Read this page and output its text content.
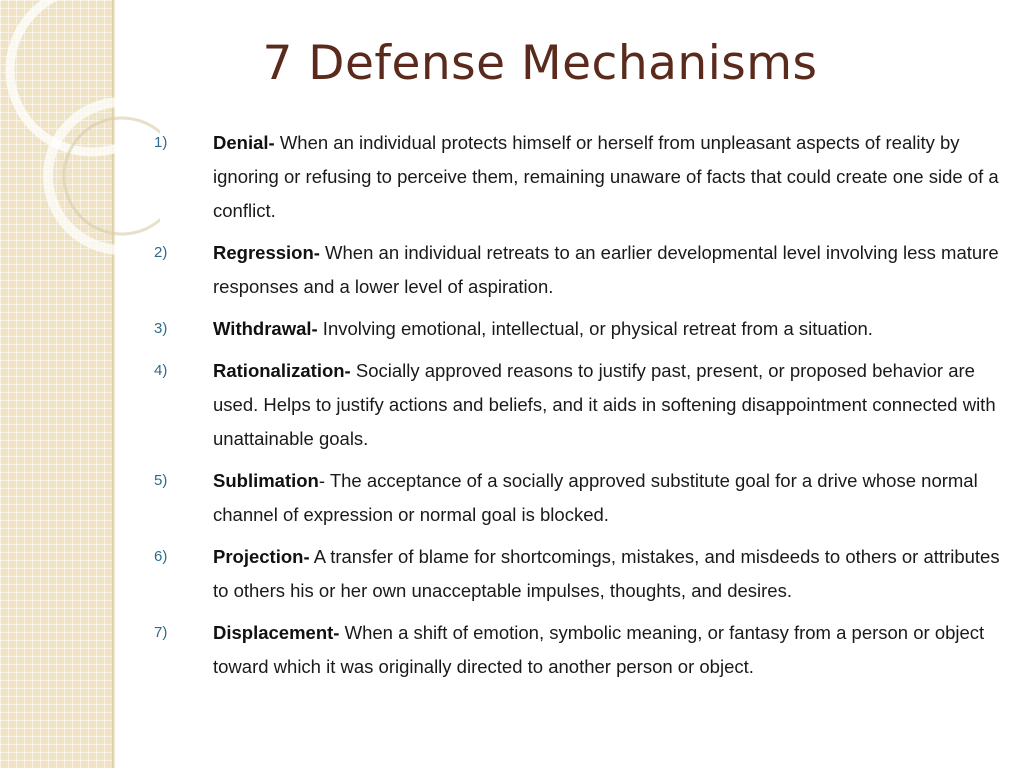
7 Defense Mechanisms
1) Denial- When an individual protects himself or herself from unpleasant aspects of reality by ignoring or refusing to perceive them, remaining unaware of facts that could create one side of a conflict.
2) Regression- When an individual retreats to an earlier developmental level involving less mature responses and a lower level of aspiration.
3) Withdrawal- Involving emotional, intellectual, or physical retreat from a situation.
4) Rationalization- Socially approved reasons to justify past, present, or proposed behavior are used. Helps to justify actions and beliefs, and it aids in softening disappointment connected with unattainable goals.
5) Sublimation- The acceptance of a socially approved substitute goal for a drive whose normal channel of expression or normal goal is blocked.
6) Projection- A transfer of blame for shortcomings, mistakes, and misdeeds to others or attributes to others his or her own unacceptable impulses, thoughts, and desires.
7) Displacement- When a shift of emotion, symbolic meaning, or fantasy from a person or object toward which it was originally directed to another person or object.
